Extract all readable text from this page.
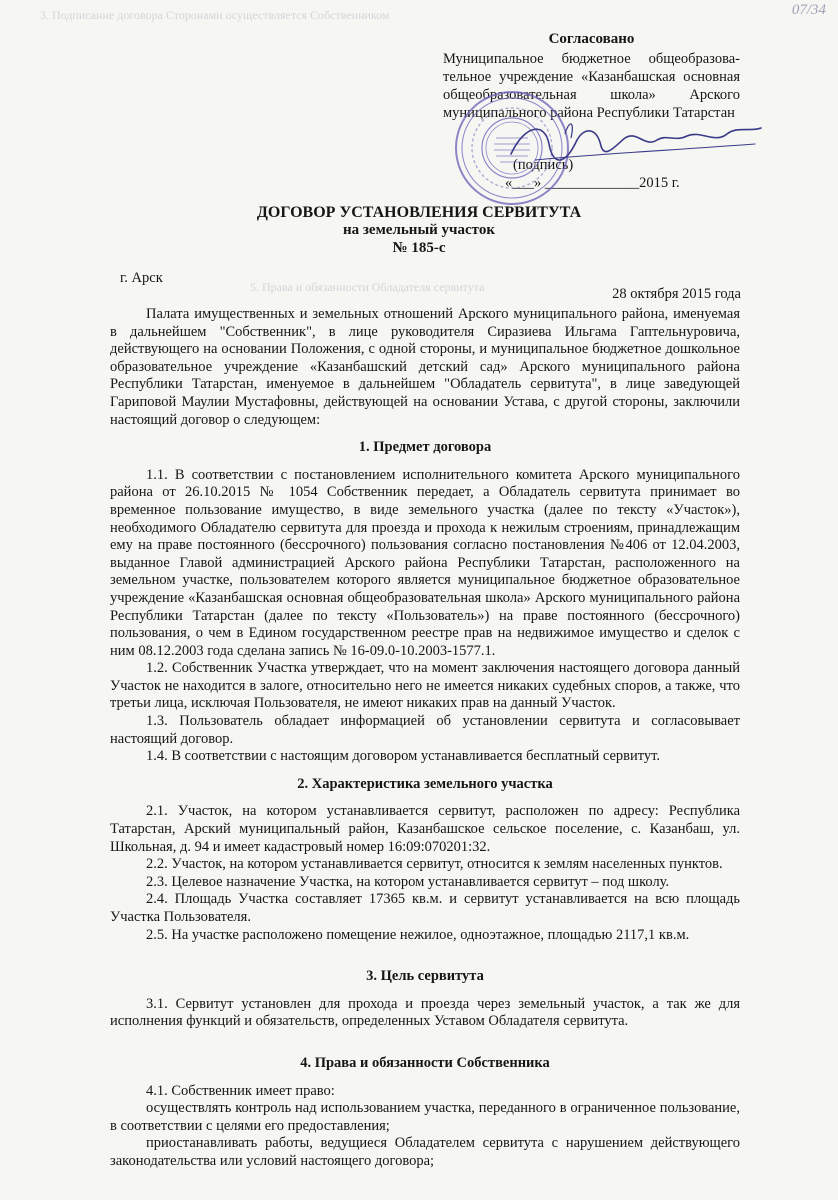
3. Подписание договора Сторонами осуществляется Собственником
5. Права и обязанности Обладателя сервитута
07/34
Согласовано
Муниципальное бюджетное общеобразова-тельное учреждение «Казанбашская основная общеобразовательная школа» Арского муниципального района Республики Татарстан
(подпись)
«___» _____________2015 г.
ДОГОВОР УСТАНОВЛЕНИЯ СЕРВИТУТА
на земельный участок
№ 185-с
г. Арск
28 октября 2015 года

Палата имущественных и земельных отношений Арского муниципального района, именуемая в дальнейшем "Собственник", в лице руководителя Сиразиева Ильгама Гаптельнуровича, действующего на основании Положения, с одной стороны, и муниципальное бюджетное дошкольное образовательное учреждение «Казанбашский детский сад» Арского муниципального района Республики Татарстан, именуемое в дальнейшем "Обладатель сервитута", в лице заведующей Гариповой Маулии Мустафовны, действующей на основании Устава, с другой стороны, заключили настоящий договор о следующем:

1. Предмет договора

1.1. В соответствии с постановлением исполнительного комитета Арского муниципального района от 26.10.2015 № 1054 Собственник передает, а Обладатель сервитута принимает во временное пользование имущество, в виде земельного участка (далее по тексту «Участок»), необходимого Обладателю сервитута для проезда и прохода к нежилым строениям, принадлежащим ему на праве постоянного (бессрочного) пользования согласно постановления №406 от 12.04.2003, выданное Главой администрацией Арского района Республики Татарстан, расположенного на земельном участке, пользователем которого является муниципальное бюджетное образовательное учреждение «Казанбашская основная общеобразовательная школа» Арского муниципального района Республики Татарстан (далее по тексту «Пользователь») на праве постоянного (бессрочного) пользования, о чем в Едином государственном реестре прав на недвижимое имущество и сделок с ним 08.12.2003 года сделана запись № 16-09.0-10.2003-1577.1.

1.2. Собственник Участка утверждает, что на момент заключения настоящего договора данный Участок не находится в залоге, относительно него не имеется никаких судебных споров, а также, что третьи лица, исключая Пользователя, не имеют никаких прав на данный Участок.

1.3. Пользователь обладает информацией об установлении сервитута и согласовывает настоящий договор.

1.4. В соответствии с настоящим договором устанавливается бесплатный сервитут.

2. Характеристика земельного участка

2.1. Участок, на котором устанавливается сервитут, расположен по адресу: Республика Татарстан, Арский муниципальный район, Казанбашское сельское поселение, с. Казанбаш, ул. Школьная, д. 94 и имеет кадастровый номер 16:09:070201:32.

2.2. Участок, на котором устанавливается сервитут, относится к землям населенных пунктов.

2.3. Целевое назначение Участка, на котором устанавливается сервитут – под школу.

2.4. Площадь Участка составляет 17365 кв.м. и сервитут устанавливается на всю площадь Участка Пользователя.

2.5. На участке расположено помещение нежилое, одноэтажное, площадью 2117,1 кв.м.

3. Цель сервитута

3.1. Сервитут установлен для прохода и проезда через земельный участок, а так же для исполнения функций и обязательств, определенных Уставом Обладателя сервитута.

4. Права и обязанности Собственника

4.1. Собственник имеет право:

осуществлять контроль над использованием участка, переданного в ограниченное пользование, в соответствии с целями его предоставления;

приостанавливать работы, ведущиеся Обладателем сервитута с нарушением действующего законодательства или условий настоящего договора;
